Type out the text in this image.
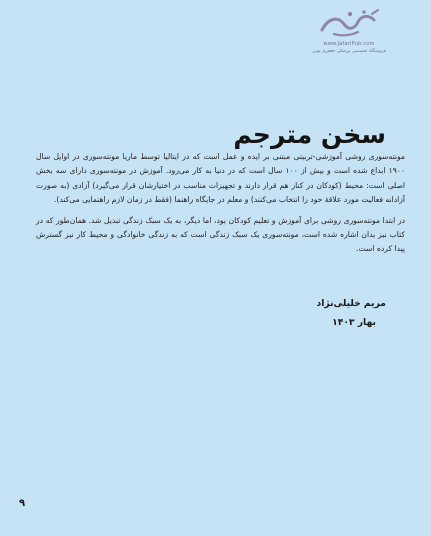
www.JafariPub.com
فروشگاه تخصصی پزشکی جعفری نوین
سخن مترجم

مونته‌سوری روشی آموزشی-تربیتی مبتنی بر ایده و عمل است که در ایتالیا توسط ماریا مونته‌سوری در اوایل سال ۱۹۰۰ ابداع شده است و بیش از ۱۰۰ سال است که در دنیا به کار می‌رود. آموزش در مونته‌سوری دارای سه بخش اصلی است: محیط (کودکان در کنار هم قرار دارند و تجهیزات مناسب در اختیارشان قرار می‌گیرد) آزادی (به صورت آزادانه فعالیت مورد علاقهٔ خود را انتخاب می‌کنند) و معلم در جایگاه راهنما (فقط در زمان لازم راهنمایی می‌کند).

در ابتدا مونته‌سوری روشی برای آموزش و تعلیم کودکان بود، اما دیگر، به یک سبک زندگی تبدیل شد. همان‌طور که در کتاب نیز بدان اشاره شده است، مونته‌سوری یک سبک زندگی است که به زندگی خانوادگی و محیط کار نیز گسترش پیدا کرده است.

مریم خلیلی‌نژاد
بهار ۱۴۰۳
۹
